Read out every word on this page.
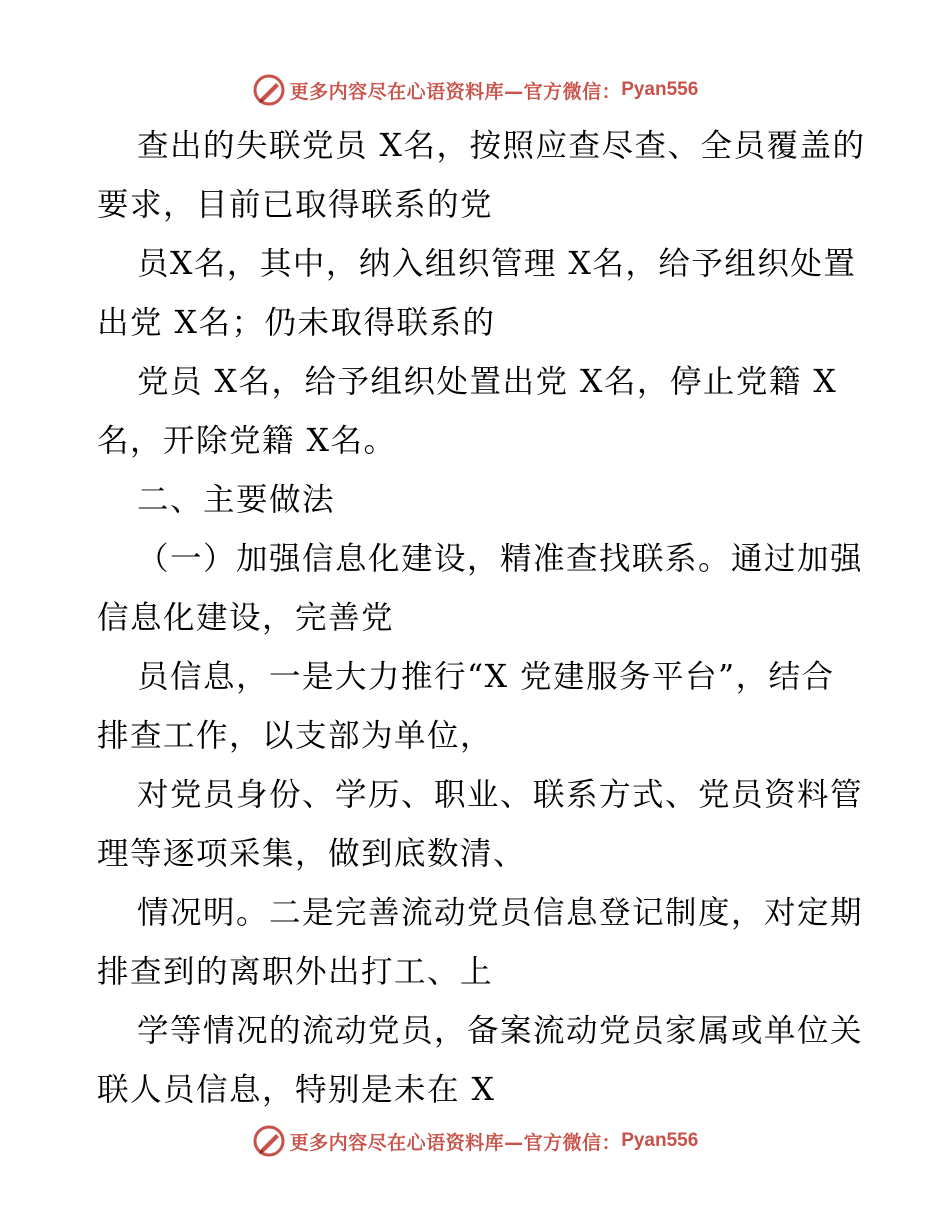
更多内容尽在心语资料库—官方微信： Pyan556

查出的失联党员 X名，按照应查尽查、全员覆盖的要求，目前已取得联系的党

员X名，其中，纳入组织管理 X名，给予组织处置出党 X名；仍未取得联系的

党员 X名，给予组织处置出党 X名，停止党籍 X名，开除党籍 X名。

二、主要做法

（一）加强信息化建设，精准查找联系。通过加强信息化建设，完善党

员信息，一是大力推行“X 党建服务平台”，结合排查工作，以支部为单位，

对党员身份、学历、职业、联系方式、党员资料管理等逐项采集，做到底数清、

情况明。二是完善流动党员信息登记制度，对定期排查到的离职外出打工、上

学等情况的流动党员，备案流动党员家属或单位关联人员信息，特别是未在 X

更多内容尽在心语资料库—官方微信： Pyan556
